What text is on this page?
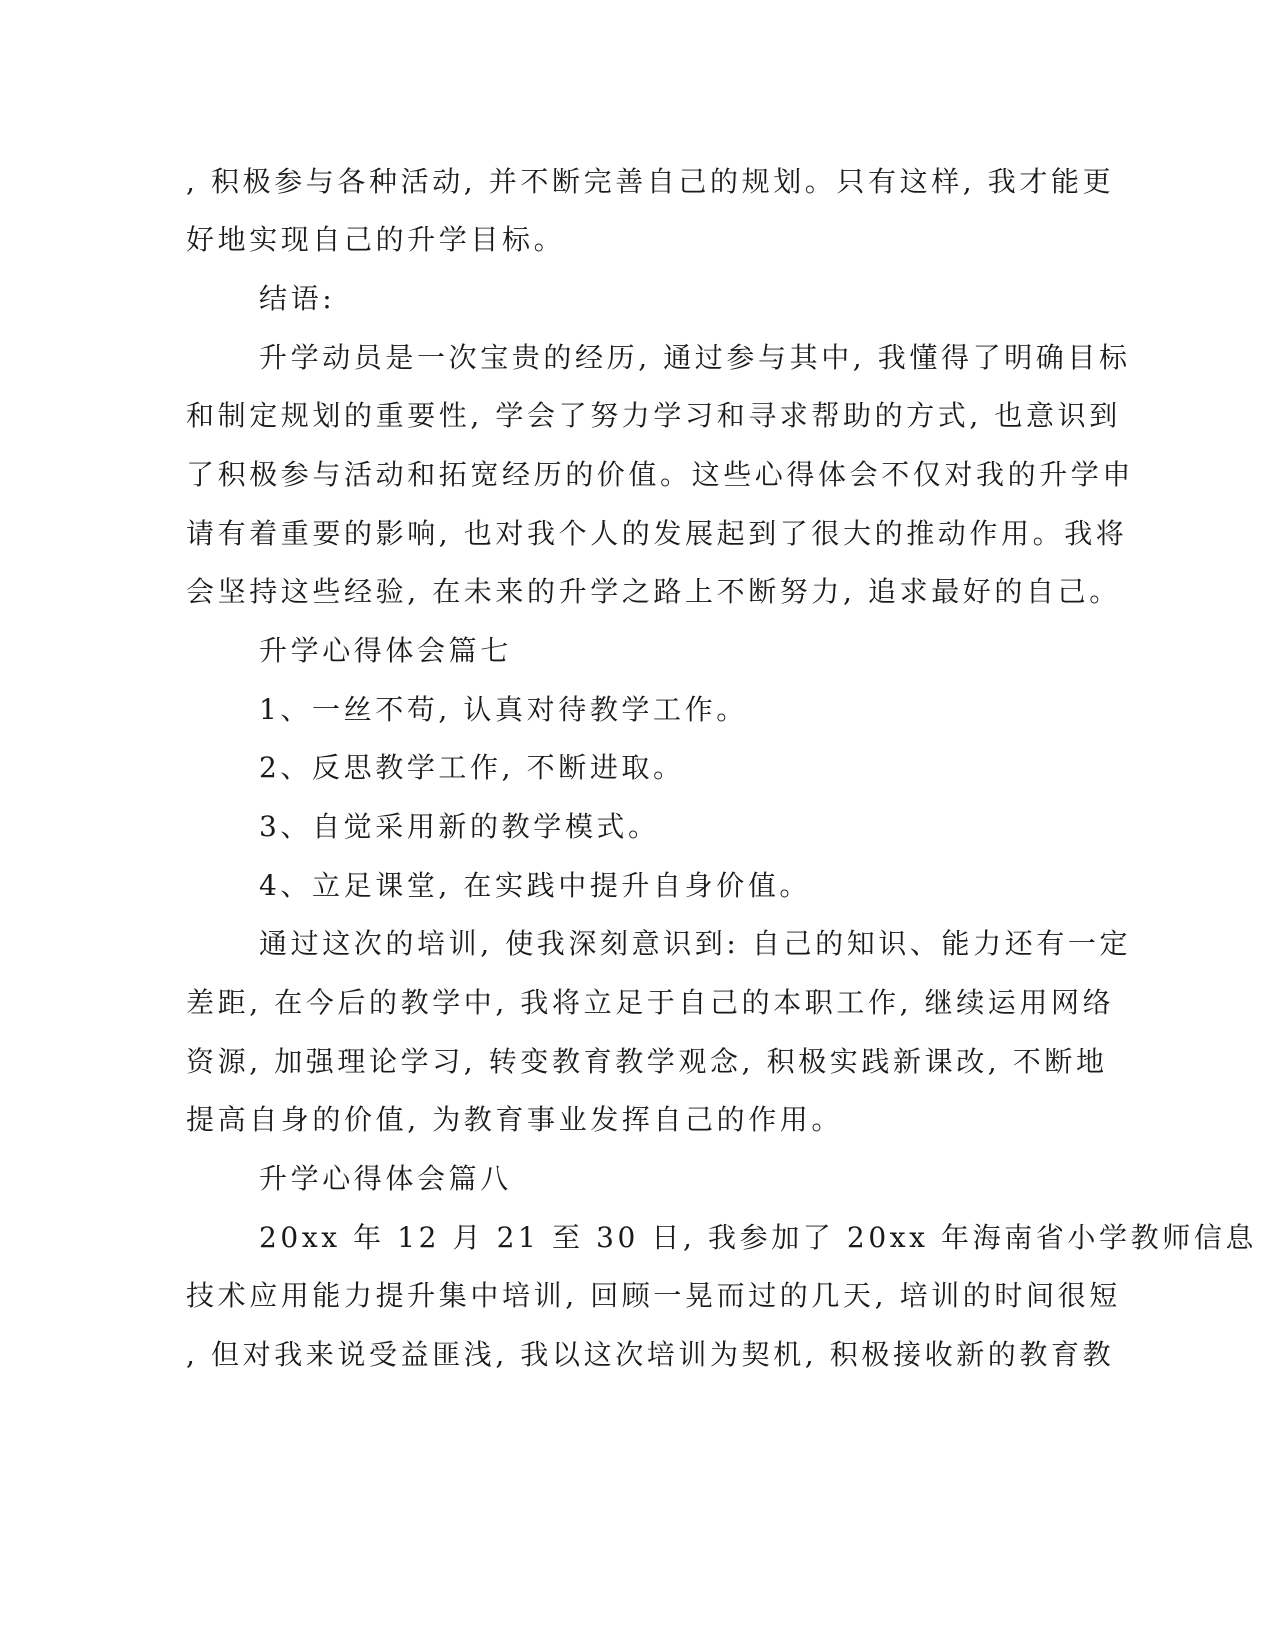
, 积极参与各种活动, 并不断完善自己的规划。只有这样, 我才能更
好地实现自己的升学目标。
结语:
升学动员是一次宝贵的经历, 通过参与其中, 我懂得了明确目标
和制定规划的重要性, 学会了努力学习和寻求帮助的方式, 也意识到
了积极参与活动和拓宽经历的价值。这些心得体会不仅对我的升学申
请有着重要的影响, 也对我个人的发展起到了很大的推动作用。我将
会坚持这些经验, 在未来的升学之路上不断努力, 追求最好的自己。
升学心得体会篇七
1、一丝不苟, 认真对待教学工作。
2、反思教学工作, 不断进取。
3、自觉采用新的教学模式。
4、立足课堂, 在实践中提升自身价值。
通过这次的培训, 使我深刻意识到: 自己的知识、能力还有一定
差距, 在今后的教学中, 我将立足于自己的本职工作, 继续运用网络
资源, 加强理论学习, 转变教育教学观念, 积极实践新课改, 不断地
提高自身的价值, 为教育事业发挥自己的作用。
升学心得体会篇八
20xx 年 12 月 21 至 30 日, 我参加了 20xx 年海南省小学教师信息
技术应用能力提升集中培训, 回顾一晃而过的几天, 培训的时间很短
, 但对我来说受益匪浅, 我以这次培训为契机, 积极接收新的教育教
